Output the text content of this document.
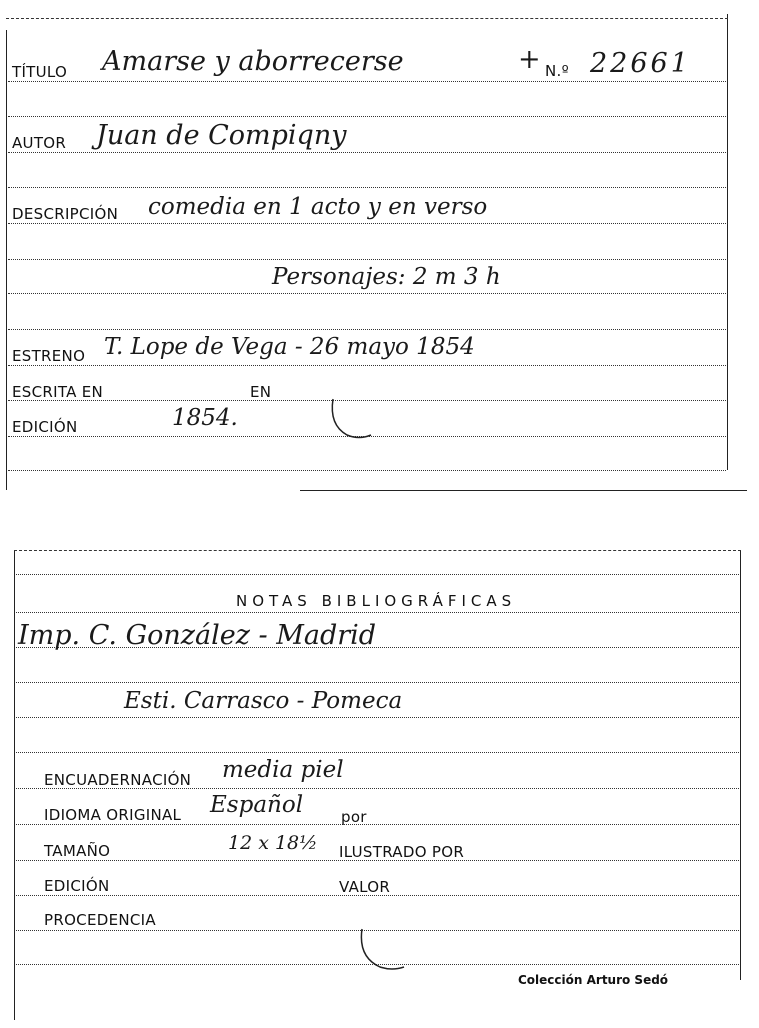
TÍTULO Amarse y aborrecerse	+ N.º 22661
AUTOR Juan de Compiqny
DESCRIPCIÓN comedia en 1 acto y en verso
Personajes: 2 m 3 h
ESTRENO T. Lope de Vega - 26 mayo 1854
ESCRITA EN	EN
EDICIÓN	1854.
NOTAS BIBLIOGRÁFICAS
Imp. C. González - Madrid
Esti. Carrasco - Pomeca
ENCUADERNACIÓN media piel
IDIOMA ORIGINAL Español	por
TAMAÑO	12 x 18½ ILUSTRADO POR
EDICIÓN	VALOR
PROCEDENCIA
Colección Arturo Sedó
